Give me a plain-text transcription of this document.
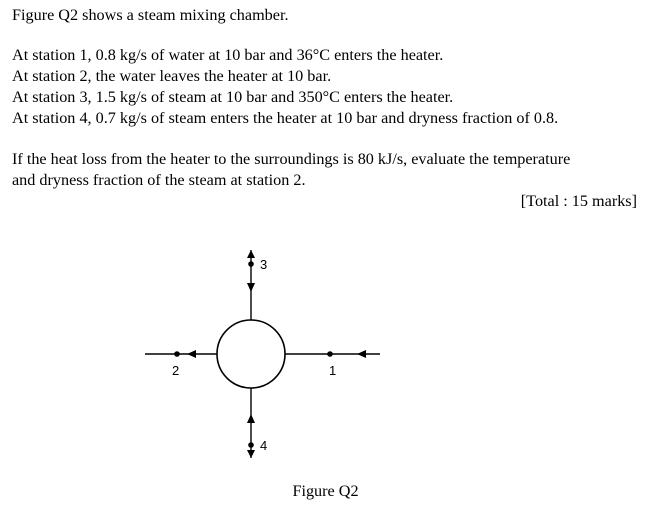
Figure Q2 shows a steam mixing chamber.

At station 1, 0.8 kg/s of water at 10 bar and 36°C enters the heater.

At station 2, the water leaves the heater at 10 bar.

At station 3, 1.5 kg/s of steam at 10 bar and 350°C enters the heater.

At station 4, 0.7 kg/s of steam enters the heater at 10 bar and dryness fraction of 0.8.

If the heat loss from the heater to the surroundings is 80 kJ/s, evaluate the temperature

and dryness fraction of the steam at station 2.

[Total : 15 marks]
3
4
2	1
Figure Q2
